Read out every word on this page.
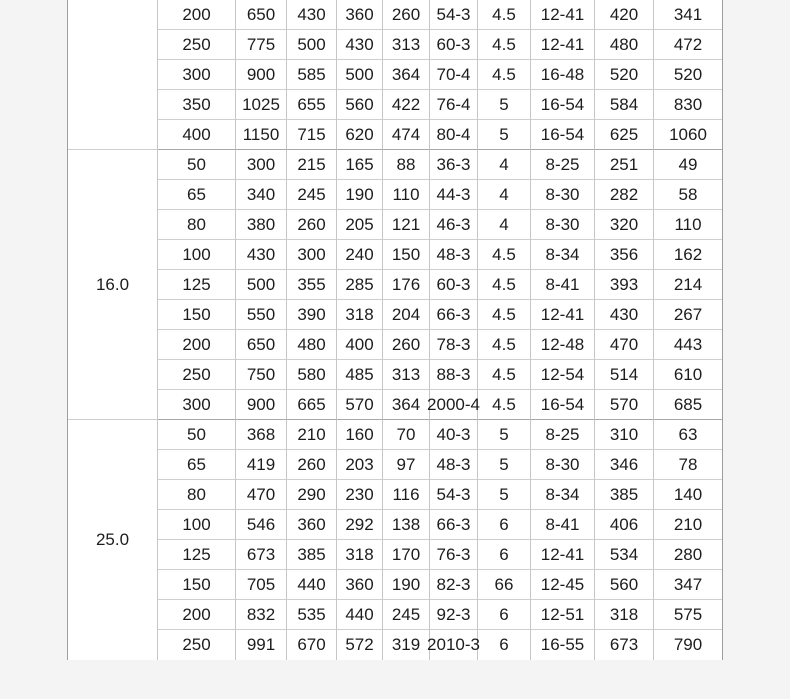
	200	650	430	360	260	54-3	4.5	12-41	420	341

	250	775	500	430	313	60-3	4.5	12-41	480	472

	300	900	585	500	364	70-4	4.5	16-48	520	520

	350	1025	655	560	422	76-4	5	16-54	584	830

	400	1150	715	620	474	80-4	5	16-54	625	1060

16.0	50	300	215	165	88	36-3	4	8-25	251	49

	65	340	245	190	110	44-3	4	8-30	282	58

	80	380	260	205	121	46-3	4	8-30	320	110

	100	430	300	240	150	48-3	4.5	8-34	356	162

	125	500	355	285	176	60-3	4.5	8-41	393	214

	150	550	390	318	204	66-3	4.5	12-41	430	267

	200	650	480	400	260	78-3	4.5	12-48	470	443

	250	750	580	485	313	88-3	4.5	12-54	514	610

	300	900	665	570	364	2000-4	4.5	16-54	570	685

25.0	50	368	210	160	70	40-3	5	8-25	310	63

	65	419	260	203	97	48-3	5	8-30	346	78

	80	470	290	230	116	54-3	5	8-34	385	140

	100	546	360	292	138	66-3	6	8-41	406	210

	125	673	385	318	170	76-3	6	12-41	534	280

	150	705	440	360	190	82-3	66	12-45	560	347

	200	832	535	440	245	92-3	6	12-51	318	575

	250	991	670	572	319	2010-3	6	16-55	673	790
